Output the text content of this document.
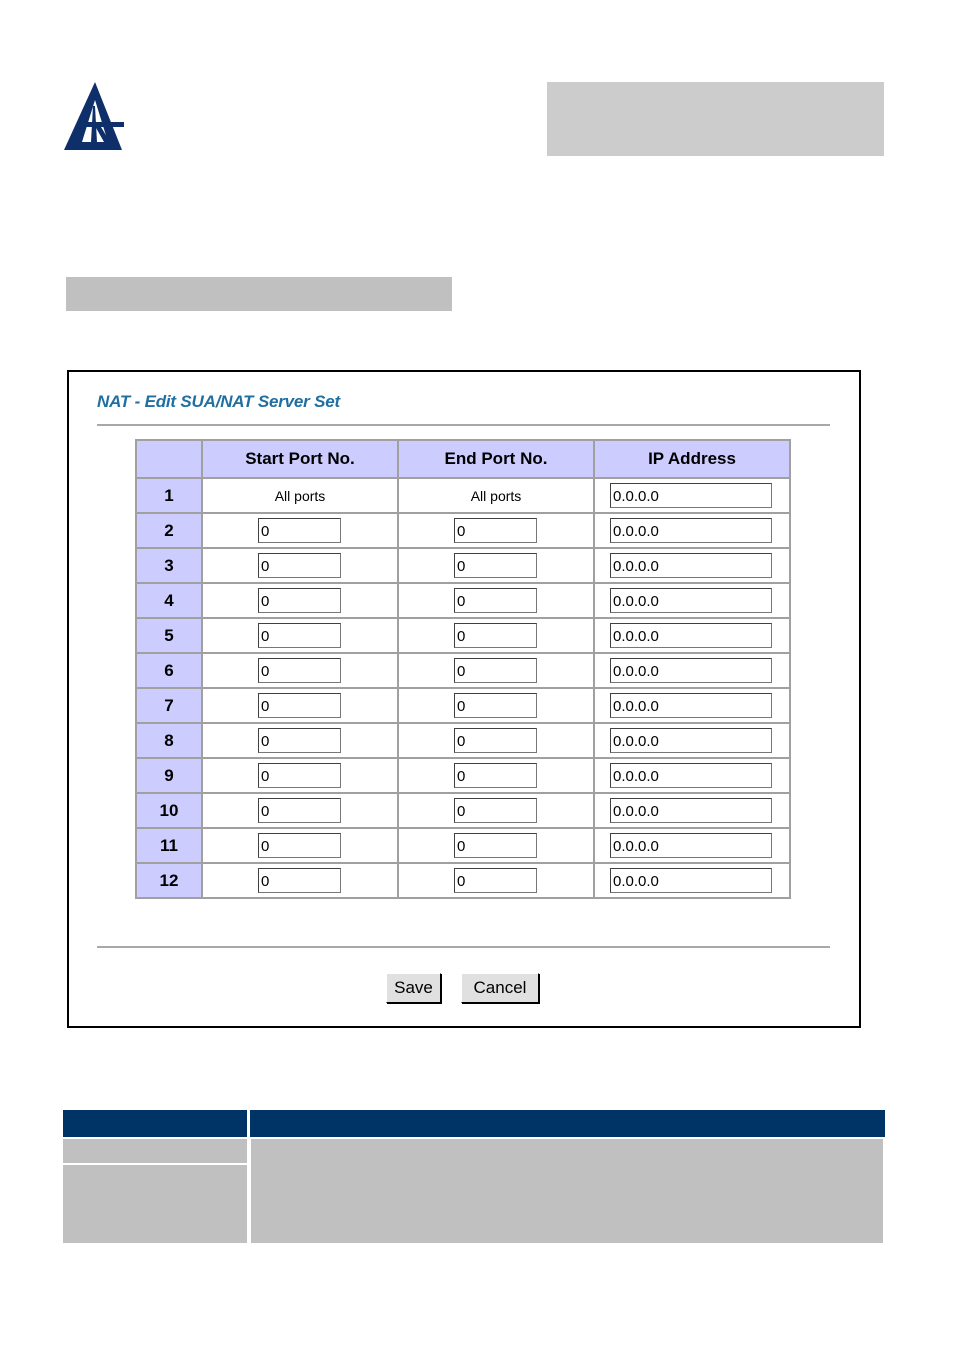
NAT - Edit SUA/NAT Server Set
	Start Port No.	End Port No.	IP Address
1	All ports	All ports	0.0.0.0

2	0	0	0.0.0.0

3	0	0	0.0.0.0

4	0	0	0.0.0.0

5	0	0	0.0.0.0

6	0	0	0.0.0.0

7	0	0	0.0.0.0

8	0	0	0.0.0.0

9	0	0	0.0.0.0

10	0	0	0.0.0.0

11	0	0	0.0.0.0

12	0	0	0.0.0.0
Save	Cancel
